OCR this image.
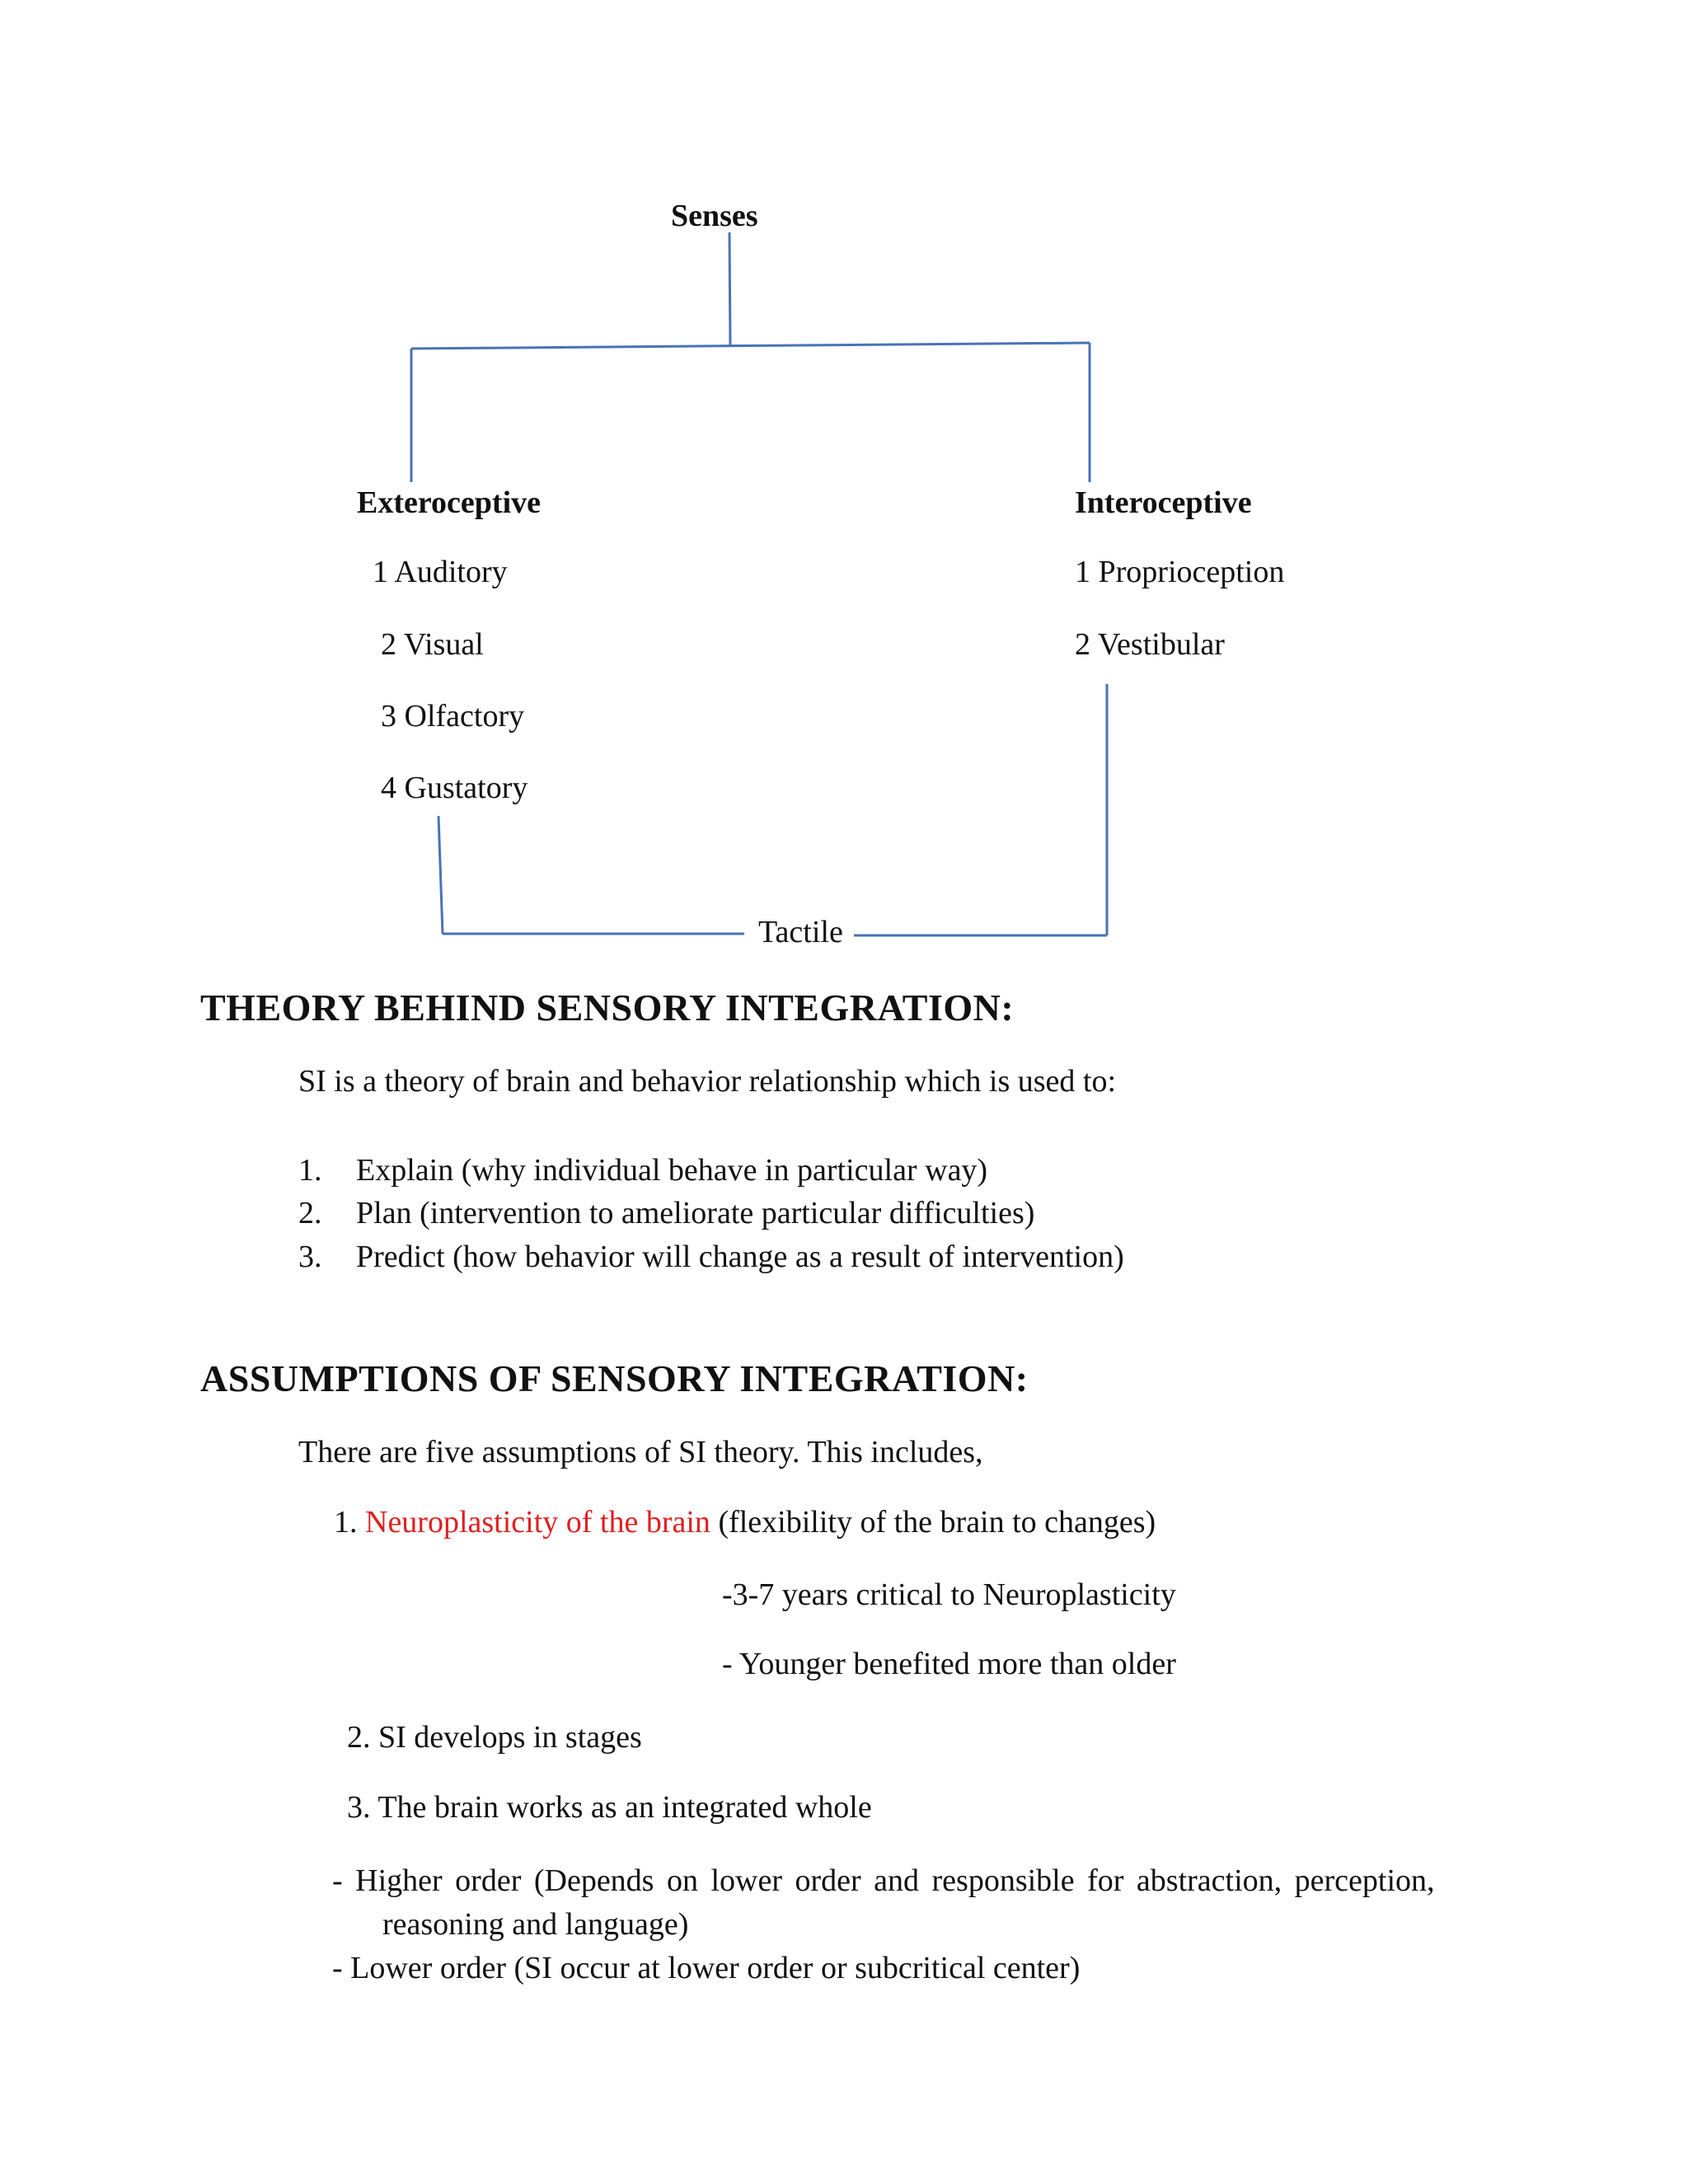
Senses
Exteroceptive
1 Auditory
2 Visual
3 Olfactory
4 Gustatory
Interoceptive
1 Proprioception
2 Vestibular
Tactile
THEORY BEHIND SENSORY INTEGRATION:
SI is a theory of brain and behavior relationship which is used to:
1. Explain (why individual behave in particular way)
2. Plan (intervention to ameliorate particular difficulties)
3. Predict (how behavior will change as a result of intervention)
ASSUMPTIONS OF SENSORY INTEGRATION:
There are five assumptions of SI theory. This includes,
1. Neuroplasticity of the brain (flexibility of the brain to changes)
-3-7 years critical to Neuroplasticity
- Younger benefited more than older
2. SI develops in stages
3. The brain works as an integrated whole
- Higher order (Depends on lower order and responsible for abstraction, perception,
reasoning and language)
- Lower order (SI occur at lower order or subcritical center)
